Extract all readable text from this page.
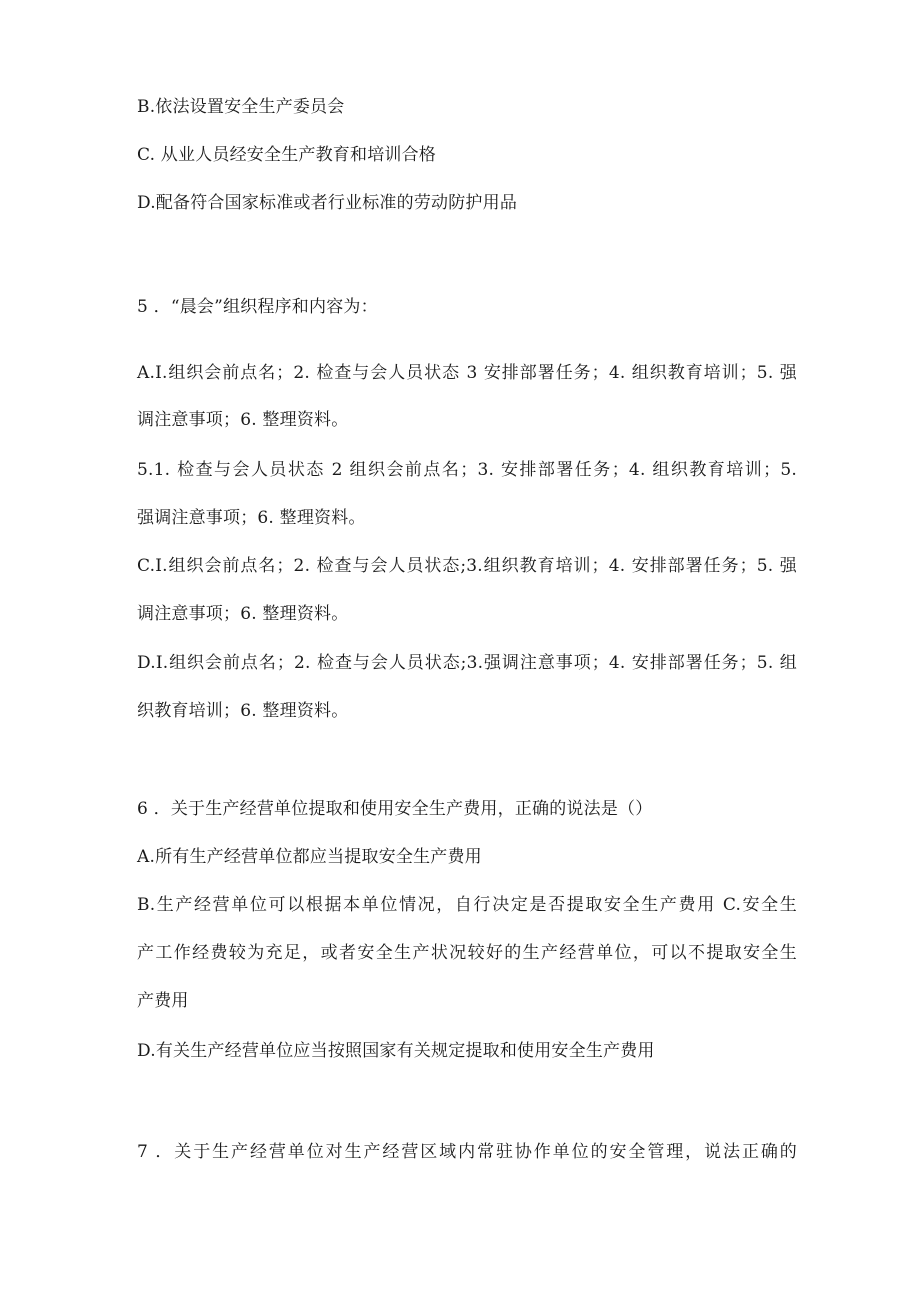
B.依法设置安全生产委员会
C. 从业人员经安全生产教育和培训合格
D.配备符合国家标准或者行业标准的劳动防护用品
5 ．“晨会”组织程序和内容为：
A.I.组织会前点名；2. 检查与会人员状态 3 安排部署任务；4. 组织教育培训；5. 强
调注意事项；6. 整理资料。
5.1. 检查与会人员状态 2 组织会前点名；3. 安排部署任务；4. 组织教育培训；5.
强调注意事项；6. 整理资料。
C.I.组织会前点名；2. 检查与会人员状态;3.组织教育培训；4. 安排部署任务；5. 强
调注意事项；6. 整理资料。
D.I.组织会前点名；2. 检查与会人员状态;3.强调注意事项；4. 安排部署任务；5. 组
织教育培训；6. 整理资料。
6 ．关于生产经营单位提取和使用安全生产费用，正确的说法是（）
A.所有生产经营单位都应当提取安全生产费用
B.生产经营单位可以根据本单位情况，自行决定是否提取安全生产费用 C.安全生
产工作经费较为充足，或者安全生产状况较好的生产经营单位，可以不提取安全生
产费用
D.有关生产经营单位应当按照国家有关规定提取和使用安全生产费用
7 ．关于生产经营单位对生产经营区域内常驻协作单位的安全管理，说法正确的
